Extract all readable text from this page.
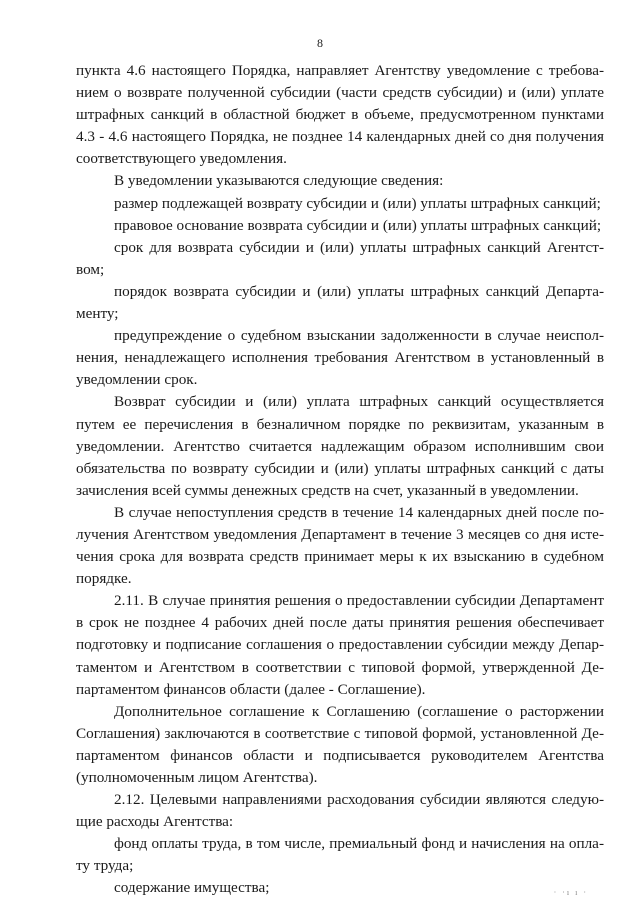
8

пункта 4.6 настоящего Порядка, направляет Агентству уведомление с требованием о возврате полученной субсидии (части средств субсидии) и (или) уплате штрафных санкций в областной бюджет в объеме, предусмотренном пунктами 4.3 - 4.6 настоящего Порядка, не позднее 14 календарных дней со дня получения соответствующего уведомления.

В уведомлении указываются следующие сведения:

размер подлежащей возврату субсидии и (или) уплаты штрафных санкций;

правовое основание возврата субсидии и (или) уплаты штрафных санкций;

срок для возврата субсидии и (или) уплаты штрафных санкций Агентством;

порядок возврата субсидии и (или) уплаты штрафных санкций Департаменту;

предупреждение о судебном взыскании задолженности в случае неисполнения, ненадлежащего исполнения требования Агентством в установленный в уведомлении срок.

Возврат субсидии и (или) уплата штрафных санкций осуществляется путем ее перечисления в безналичном порядке по реквизитам, указанным в уведомлении. Агентство считается надлежащим образом исполнившим свои обязательства по возврату субсидии и (или) уплаты штрафных санкций с даты зачисления всей суммы денежных средств на счет, указанный в уведомлении.

В случае непоступления средств в течение 14 календарных дней после получения Агентством уведомления Департамент в течение 3 месяцев со дня истечения срока для возврата средств принимает меры к их взысканию в судебном порядке.

2.11. В случае принятия решения о предоставлении субсидии Департамент в срок не позднее 4 рабочих дней после даты принятия решения обеспечивает подготовку и подписание соглашения о предоставлении субсидии между Департаментом и Агентством в соответствии с типовой формой, утвержденной Департаментом финансов области (далее - Соглашение).

Дополнительное соглашение к Соглашению (соглашение о расторжении Соглашения) заключаются в соответствие с типовой формой, установленной Департаментом финансов области и подписывается руководителем Агентства (уполномоченным лицом Агентства).

2.12. Целевыми направлениями расходования субсидии являются следующие расходы Агентства:

фонд оплаты труда, в том числе, премиальный фонд и начисления на оплату труда;

содержание имущества;	· ·ı ı ·
